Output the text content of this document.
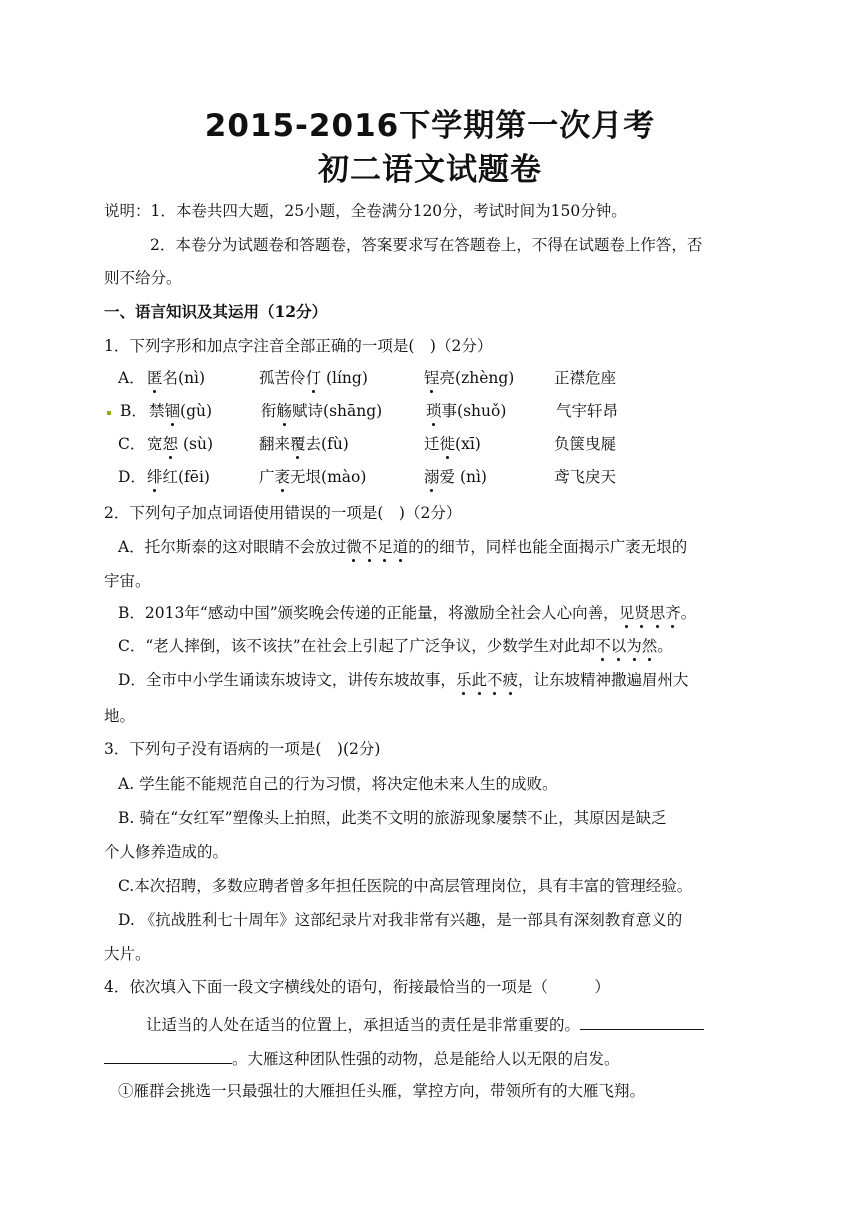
2015-2016下学期第一次月考
初二语文试题卷
说明：1．本卷共四大题，25小题，全卷满分120分，考试时间为150分钟。
2．本卷分为试题卷和答题卷，答案要求写在答题卷上，不得在试题卷上作答，否
则不给分。
一、语言知识及其运用（12分）
1．下列字形和加点字注音全部正确的一项是(　)（2分）
A． 匿名(nì)	孤苦伶仃 (líng)	锃亮(zhèng)	正襟危座
B． 禁锢(gù)	衔觞赋诗(shāng)	琐事(shuǒ)	气宇轩昂
C． 宽恕 (sù)	翻来覆去(fù)	迁徙(xī)	负箧曳屣
D． 绯红(fēi)	广袤无垠(mào)	溺爱 (nì)	鸢飞戾天
2．下列句子加点词语使用错误的一项是(　)（2分）
A．托尔斯泰的这对眼睛不会放过微不足道的的细节，同样也能全面揭示广袤无垠的
宇宙。
B．2013年“感动中国”颁奖晚会传递的正能量，将激励全社会人心向善，见贤思齐。
C．“老人摔倒，该不该扶”在社会上引起了广泛争议，少数学生对此却不以为然。
D．全市中小学生诵读东坡诗文，讲传东坡故事，乐此不疲，让东坡精神撒遍眉州大
地。
3．下列句子没有语病的一项是(　)(2分)
A. 学生能不能规范自己的行为习惯，将决定他未来人生的成败。
B. 骑在“女红军”塑像头上拍照，此类不文明的旅游现象屡禁不止，其原因是缺乏
个人修养造成的。
C.本次招聘，多数应聘者曾多年担任医院的中高层管理岗位，具有丰富的管理经验。
D. 《抗战胜利七十周年》这部纪录片对我非常有兴趣，是一部具有深刻教育意义的
大片。
4．依次填入下面一段文字横线处的语句，衔接最恰当的一项是（　　　）
让适当的人处在适当的位置上，承担适当的责任是非常重要的。
。大雁这种团队性强的动物，总是能给人以无限的启发。
①雁群会挑选一只最强壮的大雁担任头雁，掌控方向，带领所有的大雁飞翔。
